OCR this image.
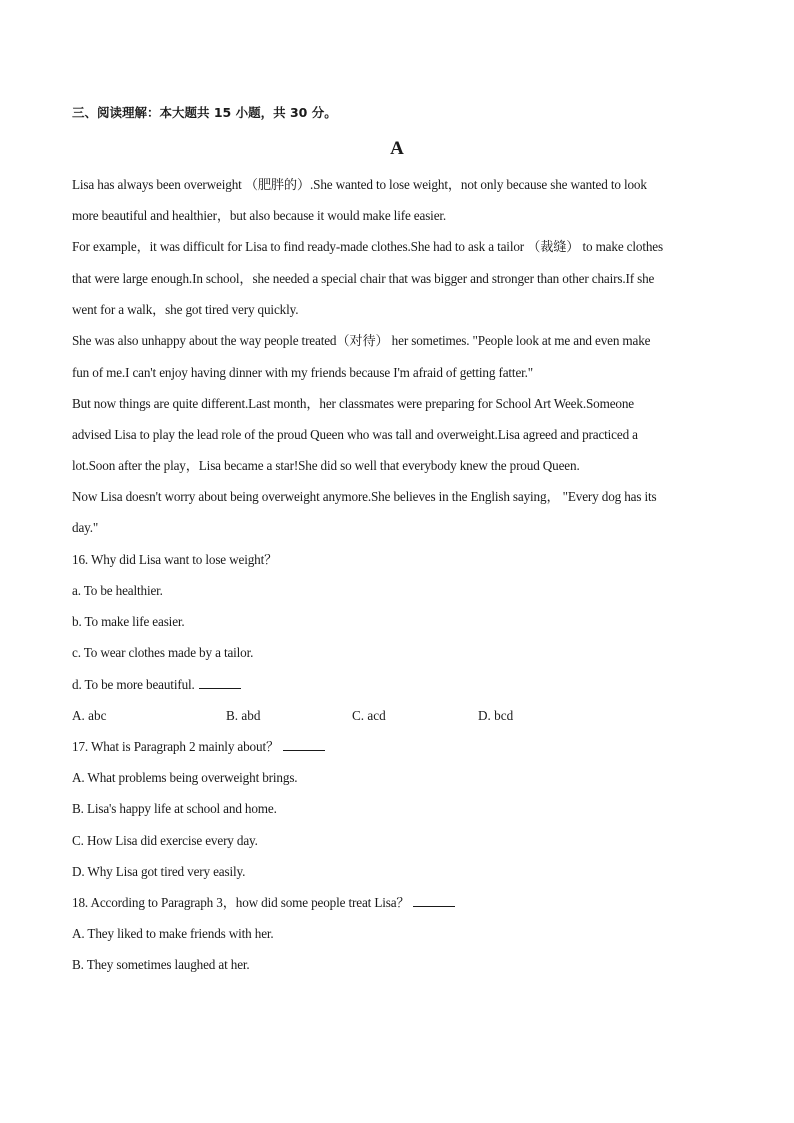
三、阅读理解：本大题共 15 小题，共 30 分。
A
Lisa has always been overweight （肥胖的）.She wanted to lose weight，not only because she wanted to look
more beautiful and healthier，but also because it would make life easier.
For example，it was difficult for Lisa to find ready-made clothes.She had to ask a tailor （裁缝） to make clothes
that were large enough.In school，she needed a special chair that was bigger and stronger than other chairs.If she
went for a walk，she got tired very quickly.
She was also unhappy about the way people treated（对待） her sometimes. "People look at me and even make
fun of me.I can't enjoy having dinner with my friends because I'm afraid of getting fatter."
But now things are quite different.Last month，her classmates were preparing for School Art Week.Someone
advised Lisa to play the lead role of the proud Queen who was tall and overweight.Lisa agreed and practiced a
lot.Soon after the play，Lisa became a star!She did so well that everybody knew the proud Queen.
Now Lisa doesn't worry about being overweight anymore.She believes in the English saying， "Every dog has its
day."
16. Why did Lisa want to lose weight？
a. To be healthier.
b. To make life easier.
c. To wear clothes made by a tailor.
d. To be more beautiful.
A. abc	B. abd	C. acd	D. bcd
17. What is Paragraph 2 mainly about？
A. What problems being overweight brings.
B. Lisa's happy life at school and home.
C. How Lisa did exercise every day.
D. Why Lisa got tired very easily.
18. According to Paragraph 3，how did some people treat Lisa？
A. They liked to make friends with her.
B. They sometimes laughed at her.
